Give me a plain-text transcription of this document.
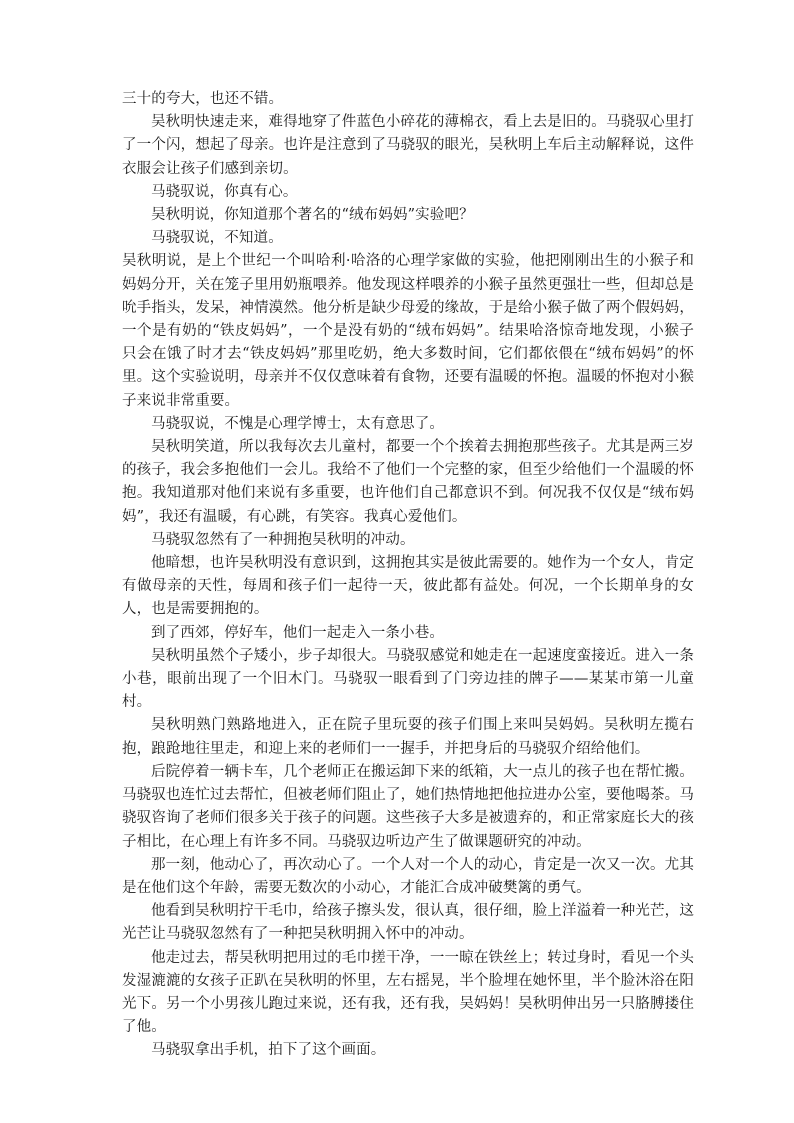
三十的夸大，也还不错。

吴秋明快速走来，难得地穿了件蓝色小碎花的薄棉衣，看上去是旧的。马骁驭心里打了一个闪，想起了母亲。也许是注意到了马骁驭的眼光，吴秋明上车后主动解释说，这件衣服会让孩子们感到亲切。

马骁驭说，你真有心。

吴秋明说，你知道那个著名的“绒布妈妈”实验吧？

马骁驭说，不知道。

吴秋明说，是上个世纪一个叫哈利·哈洛的心理学家做的实验，他把刚刚出生的小猴子和妈妈分开，关在笼子里用奶瓶喂养。他发现这样喂养的小猴子虽然更强壮一些，但却总是吮手指头，发呆，神情漠然。他分析是缺少母爱的缘故，于是给小猴子做了两个假妈妈，一个是有奶的“铁皮妈妈”，一个是没有奶的“绒布妈妈”。结果哈洛惊奇地发现，小猴子只会在饿了时才去“铁皮妈妈”那里吃奶，绝大多数时间，它们都依偎在“绒布妈妈”的怀里。这个实验说明，母亲并不仅仅意味着有食物，还要有温暖的怀抱。温暖的怀抱对小猴子来说非常重要。

马骁驭说，不愧是心理学博士，太有意思了。

吴秋明笑道，所以我每次去儿童村，都要一个个挨着去拥抱那些孩子。尤其是两三岁的孩子，我会多抱他们一会儿。我给不了他们一个完整的家，但至少给他们一个温暖的怀抱。我知道那对他们来说有多重要，也许他们自己都意识不到。何况我不仅仅是“绒布妈妈”，我还有温暖，有心跳，有笑容。我真心爱他们。

马骁驭忽然有了一种拥抱吴秋明的冲动。

他暗想，也许吴秋明没有意识到，这拥抱其实是彼此需要的。她作为一个女人，肯定有做母亲的天性，每周和孩子们一起待一天，彼此都有益处。何况，一个长期单身的女人，也是需要拥抱的。

到了西郊，停好车，他们一起走入一条小巷。

吴秋明虽然个子矮小，步子却很大。马骁驭感觉和她走在一起速度蛮接近。进入一条小巷，眼前出现了一个旧木门。马骁驭一眼看到了门旁边挂的牌子——某某市第一儿童村。

吴秋明熟门熟路地进入，正在院子里玩耍的孩子们围上来叫吴妈妈。吴秋明左揽右抱，踉跄地往里走，和迎上来的老师们一一握手，并把身后的马骁驭介绍给他们。

后院停着一辆卡车，几个老师正在搬运卸下来的纸箱，大一点儿的孩子也在帮忙搬。马骁驭也连忙过去帮忙，但被老师们阻止了，她们热情地把他拉进办公室，要他喝茶。马骁驭咨询了老师们很多关于孩子的问题。这些孩子大多是被遗弃的，和正常家庭长大的孩子相比，在心理上有许多不同。马骁驭边听边产生了做课题研究的冲动。

那一刻，他动心了，再次动心了。一个人对一个人的动心，肯定是一次又一次。尤其是在他们这个年龄，需要无数次的小动心，才能汇合成冲破樊篱的勇气。

他看到吴秋明拧干毛巾，给孩子擦头发，很认真，很仔细，脸上洋溢着一种光芒，这光芒让马骁驭忽然有了一种把吴秋明拥入怀中的冲动。

他走过去，帮吴秋明把用过的毛巾搓干净，一一晾在铁丝上；转过身时，看见一个头发湿漉漉的女孩子正趴在吴秋明的怀里，左右摇晃，半个脸埋在她怀里，半个脸沐浴在阳光下。另一个小男孩儿跑过来说，还有我，还有我，吴妈妈！吴秋明伸出另一只胳膊搂住了他。

马骁驭拿出手机，拍下了这个画面。
